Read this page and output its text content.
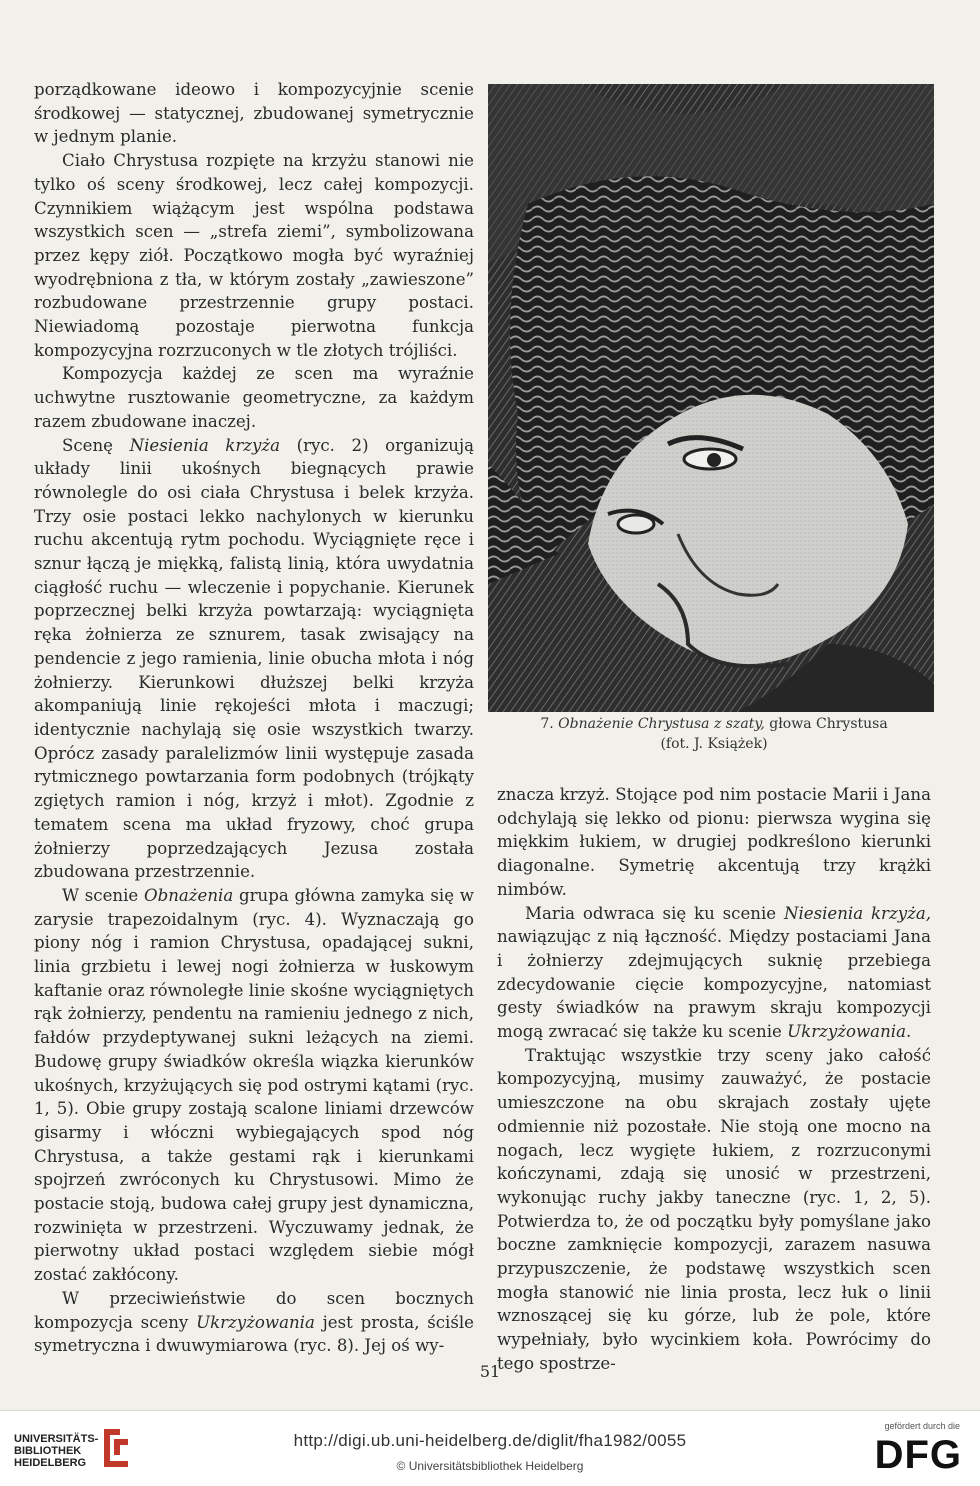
porządkowane ideowo i kompozycyjnie scenie środkowej — statycznej, zbudowanej symetrycznie w jednym planie.

Ciało Chrystusa rozpięte na krzyżu stanowi nie tylko oś sceny środkowej, lecz całej kompozycji. Czynnikiem wiążącym jest wspólna podstawa wszystkich scen — „strefa ziemi”, symbolizowana przez kępy ziół. Początkowo mogła być wyraźniej wyodrębniona z tła, w którym zostały „zawieszone” rozbudowane przestrzennie grupy postaci. Niewiadomą pozostaje pierwotna funkcja kompozycyjna rozrzuconych w tle złotych trójliści.

Kompozycja każdej ze scen ma wyraźnie uchwytne rusztowanie geometryczne, za każdym razem zbudowane inaczej.

Scenę Niesienia krzyża (ryc. 2) organizują układy linii ukośnych biegnących prawie równolegle do osi ciała Chrystusa i belek krzyża. Trzy osie postaci lekko nachylonych w kierunku ruchu akcentują rytm pochodu. Wyciągnięte ręce i sznur łączą je miękką, falistą linią, która uwydatnia ciągłość ruchu — wleczenie i popychanie. Kierunek poprzecznej belki krzyża powtarzają: wyciągnięta ręka żołnierza ze sznurem, tasak zwisający na pendencie z jego ramienia, linie obucha młota i nóg żołnierzy. Kierunkowi dłuższej belki krzyża akompaniują linie rękojeści młota i maczugi; identycznie nachylają się osie wszystkich twarzy. Oprócz zasady paralelizmów linii występuje zasada rytmicznego powtarzania form podobnych (trójkąty zgiętych ramion i nóg, krzyż i młot). Zgodnie z tematem scena ma układ fryzowy, choć grupa żołnierzy poprzedzających Jezusa została zbudowana przestrzennie.

W scenie Obnażenia grupa główna zamyka się w zarysie trapezoidalnym (ryc. 4). Wyznaczają go piony nóg i ramion Chrystusa, opadającej sukni, linia grzbietu i lewej nogi żołnierza w łuskowym kaftanie oraz równoległe linie skośne wyciągniętych rąk żołnierzy, pendentu na ramieniu jednego z nich, fałdów przydeptywanej sukni leżących na ziemi. Budowę grupy świadków określa wiązka kierunków ukośnych, krzyżujących się pod ostrymi kątami (ryc. 1, 5). Obie grupy zostają scalone liniami drzewców gisarmy i włóczni wybiegających spod nóg Chrystusa, a także gestami rąk i kierunkami spojrzeń zwróconych ku Chrystusowi. Mimo że postacie stoją, budowa całej grupy jest dynamiczna, rozwinięta w przestrzeni. Wyczuwamy jednak, że pierwotny układ postaci względem siebie mógł zostać zakłócony.

W przeciwieństwie do scen bocznych kompozycja sceny Ukrzyżowania jest prosta, ściśle symetryczna i dwuwymiarowa (ryc. 8). Jej oś wy-

7. Obnażenie Chrystusa z szaty, głowa Chrystusa
(fot. J. Książek)

znacza krzyż. Stojące pod nim postacie Marii i Jana odchylają się lekko od pionu: pierwsza wygina się miękkim łukiem, w drugiej podkreślono kierunki diagonalne. Symetrię akcentują trzy krążki nimbów.

Maria odwraca się ku scenie Niesienia krzyża, nawiązując z nią łączność. Między postaciami Jana i żołnierzy zdejmujących suknię przebiega zdecydowanie cięcie kompozycyjne, natomiast gesty świadków na prawym skraju kompozycji mogą zwracać się także ku scenie Ukrzyżowania.

Traktując wszystkie trzy sceny jako całość kompozycyjną, musimy zauważyć, że postacie umieszczone na obu skrajach zostały ujęte odmiennie niż pozostałe. Nie stoją one mocno na nogach, lecz wygięte łukiem, z rozrzuconymi kończynami, zdają się unosić w przestrzeni, wykonując ruchy jakby taneczne (ryc. 1, 2, 5). Potwierdza to, że od początku były pomyślane jako boczne zamknięcie kompozycji, zarazem nasuwa przypuszczenie, że podstawę wszystkich scen mogła stanowić nie linia prosta, lecz łuk o linii wznoszącej się ku górze, lub że pole, które wypełniały, było wycinkiem koła. Powrócimy do tego spostrze-

51
UNIVERSITÄTS-
BIBLIOTHEK
HEIDELBERG
http://digi.ub.uni-heidelberg.de/diglit/fha1982/0055
© Universitätsbibliothek Heidelberg
gefördert durch die
DFG
